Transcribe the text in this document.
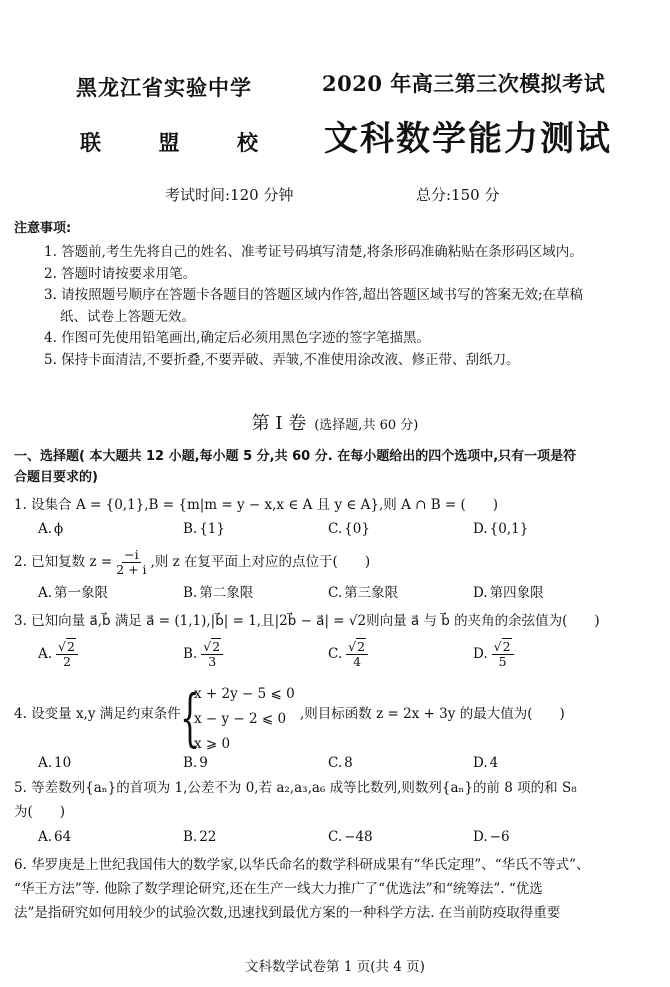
黑龙江省实验中学
联	盟	校
2020 年高三第三次模拟考试
文科数学能力测试
考试时间:120 分钟	总分:150 分
注意事项:
1. 答题前,考生先将自己的姓名、准考证号码填写清楚,将条形码准确粘贴在条形码区域内。
2. 答题时请按要求用笔。
3. 请按照题号顺序在答题卡各题目的答题区域内作答,超出答题区域书写的答案无效;在草稿
纸、试卷上答题无效。
4. 作图可先使用铅笔画出,确定后必须用黑色字迹的签字笔描黑。
5. 保持卡面清洁,不要折叠,不要弄破、弄皱,不准使用涂改液、修正带、刮纸刀。
第 I 卷 (选择题,共 60 分)
一、选择题( 本大题共 12 小题,每小题 5 分,共 60 分. 在每小题给出的四个选项中,只有一项是符
合题目要求的)
1. 设集合 A = {0,1},B = {m|m = y − x,x ∈ A 且 y ∈ A},则 A ∩ B = (　　)
A. ϕ	B. {1}	C. {0}	D. {0,1}
2. 已知复数 $z = \frac{-i}{2 + i}$ ,则 z 在复平面上对应的点位于(　　)
A. 第一象限	B. 第二象限	C. 第三象限	D. 第四象限
3. 已知向量 a⃗,b⃗ 满足 a⃗ = (1,1),|b⃗| = 1,且|2b⃗ − a⃗| = √2则向量 a⃗ 与 b⃗ 的夹角的余弦值为(　　)
A. $\frac{√2}{2}$	B. $\frac{√2}{3}$	C. $\frac{√2}{4}$	D. $\frac{√2}{5}$
4. 设变量 x,y 满足约束条件 {
x + 2y − 5 ⩽ 0
x − y − 2 ⩽ 0
x ⩾ 0
,则目标函数 z = 2x + 3y 的最大值为(　　)
A. 10	B. 9	C. 8	D. 4
5. 等差数列{aₙ}的首项为 1,公差不为 0,若 a₂,a₃,a₆ 成等比数列,则数列{aₙ}的前 8 项的和 S₈
为(　　)
A. 64	B. 22	C. −48	D. −6
6. 华罗庚是上世纪我国伟大的数学家,以华氏命名的数学科研成果有“华氏定理”、“华氏不等式”、
“华王方法”等. 他除了数学理论研究,还在生产一线大力推广了“优选法”和“统筹法”. “优选
法”是指研究如何用较少的试验次数,迅速找到最优方案的一种科学方法. 在当前防疫取得重要
文科数学试卷第 1 页(共 4 页)
